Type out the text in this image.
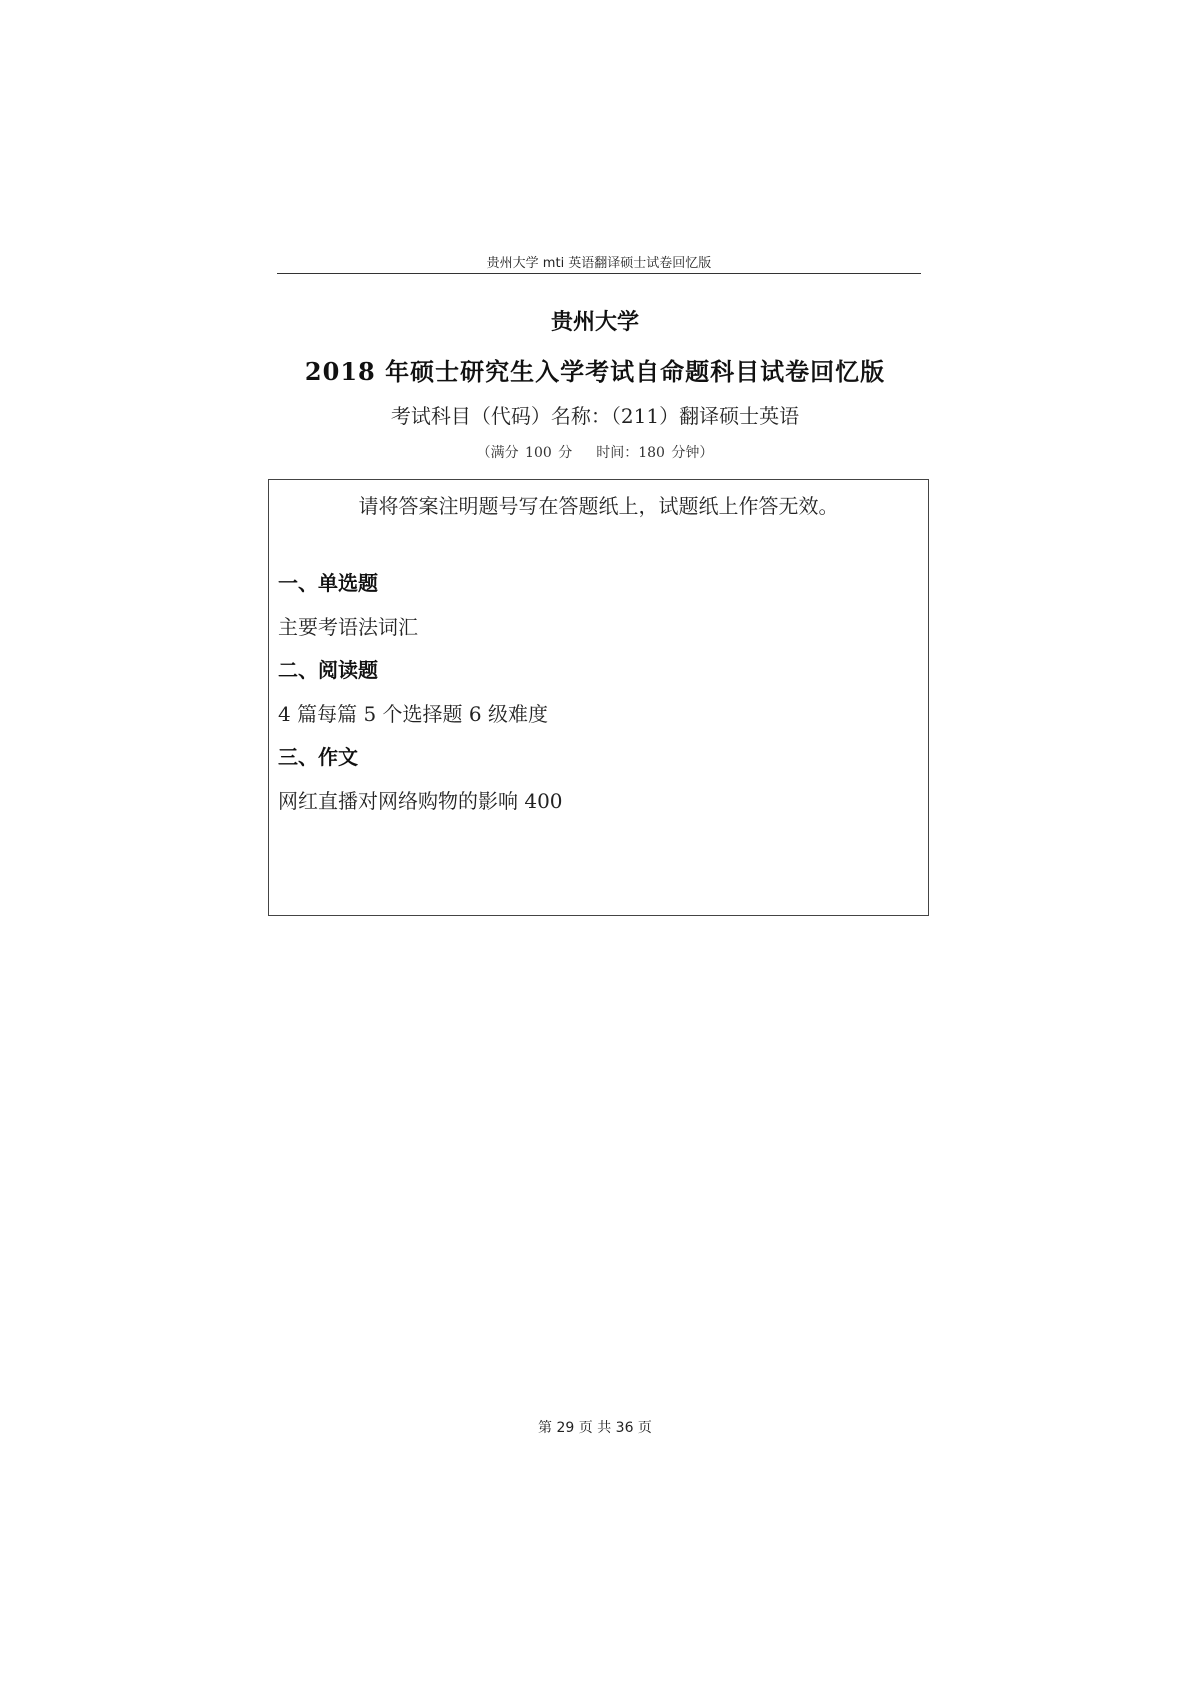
贵州大学 mti 英语翻译硕士试卷回忆版
贵州大学
2018 年硕士研究生入学考试自命题科目试卷回忆版
考试科目（代码）名称：（211）翻译硕士英语
（满分 100 分 时间：180 分钟）
请将答案注明题号写在答题纸上，试题纸上作答无效。
一、单选题
主要考语法词汇
二、阅读题
4 篇每篇 5 个选择题 6 级难度
三、作文
网红直播对网络购物的影响 400
第 29 页 共 36 页
